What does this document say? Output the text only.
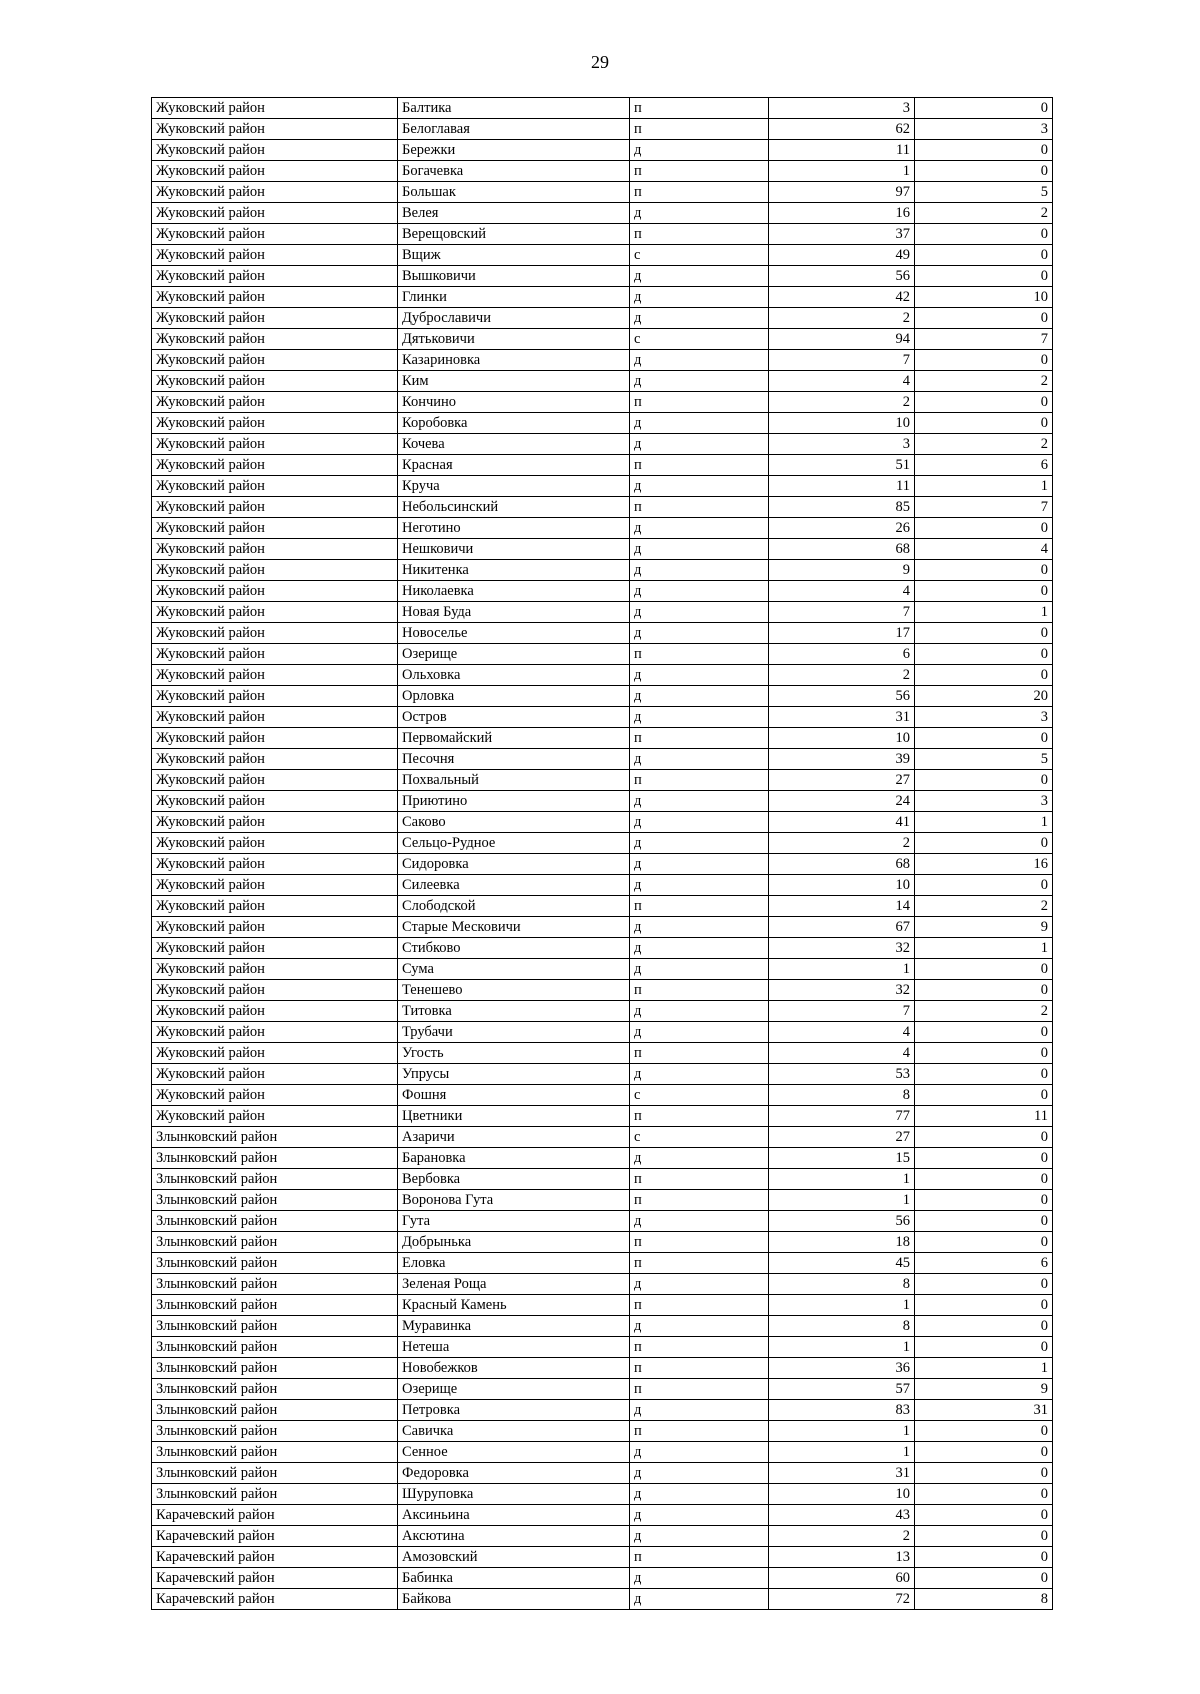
29
Жуковский район	Балтика	п	3	0
Жуковский район	Белоглавая	п	62	3
Жуковский район	Бережки	д	11	0
Жуковский район	Богачевка	п	1	0
Жуковский район	Большак	п	97	5
Жуковский район	Велея	д	16	2
Жуковский район	Верещовский	п	37	0
Жуковский район	Вщиж	с	49	0
Жуковский район	Вышковичи	д	56	0
Жуковский район	Глинки	д	42	10
Жуковский район	Дуброславичи	д	2	0
Жуковский район	Дятьковичи	с	94	7
Жуковский район	Казариновка	д	7	0
Жуковский район	Ким	д	4	2
Жуковский район	Кончино	п	2	0
Жуковский район	Коробовка	д	10	0
Жуковский район	Кочева	д	3	2
Жуковский район	Красная	п	51	6
Жуковский район	Круча	д	11	1
Жуковский район	Небольсинский	п	85	7
Жуковский район	Неготино	д	26	0
Жуковский район	Нешковичи	д	68	4
Жуковский район	Никитенка	д	9	0
Жуковский район	Николаевка	д	4	0
Жуковский район	Новая Буда	д	7	1
Жуковский район	Новоселье	д	17	0
Жуковский район	Озерище	п	6	0
Жуковский район	Ольховка	д	2	0
Жуковский район	Орловка	д	56	20
Жуковский район	Остров	д	31	3
Жуковский район	Первомайский	п	10	0
Жуковский район	Песочня	д	39	5
Жуковский район	Похвальный	п	27	0
Жуковский район	Приютино	д	24	3
Жуковский район	Саково	д	41	1
Жуковский район	Сельцо-Рудное	д	2	0
Жуковский район	Сидоровка	д	68	16
Жуковский район	Силеевка	д	10	0
Жуковский район	Слободской	п	14	2
Жуковский район	Старые Месковичи	д	67	9
Жуковский район	Стибково	д	32	1
Жуковский район	Сума	д	1	0
Жуковский район	Тенешево	п	32	0
Жуковский район	Титовка	д	7	2
Жуковский район	Трубачи	д	4	0
Жуковский район	Угость	п	4	0
Жуковский район	Упрусы	д	53	0
Жуковский район	Фошня	с	8	0
Жуковский район	Цветники	п	77	11
Злынковский район	Азаричи	с	27	0
Злынковский район	Барановка	д	15	0
Злынковский район	Вербовка	п	1	0
Злынковский район	Воронова Гута	п	1	0
Злынковский район	Гута	д	56	0
Злынковский район	Добрынька	п	18	0
Злынковский район	Еловка	п	45	6
Злынковский район	Зеленая Роща	д	8	0
Злынковский район	Красный Камень	п	1	0
Злынковский район	Муравинка	д	8	0
Злынковский район	Нетеша	п	1	0
Злынковский район	Новобежков	п	36	1
Злынковский район	Озерище	п	57	9
Злынковский район	Петровка	д	83	31
Злынковский район	Савичка	п	1	0
Злынковский район	Сенное	д	1	0
Злынковский район	Федоровка	д	31	0
Злынковский район	Шуруповка	д	10	0
Карачевский район	Аксиньина	д	43	0
Карачевский район	Аксютина	д	2	0
Карачевский район	Амозовский	п	13	0
Карачевский район	Бабинка	д	60	0
Карачевский район	Байкова	д	72	8
